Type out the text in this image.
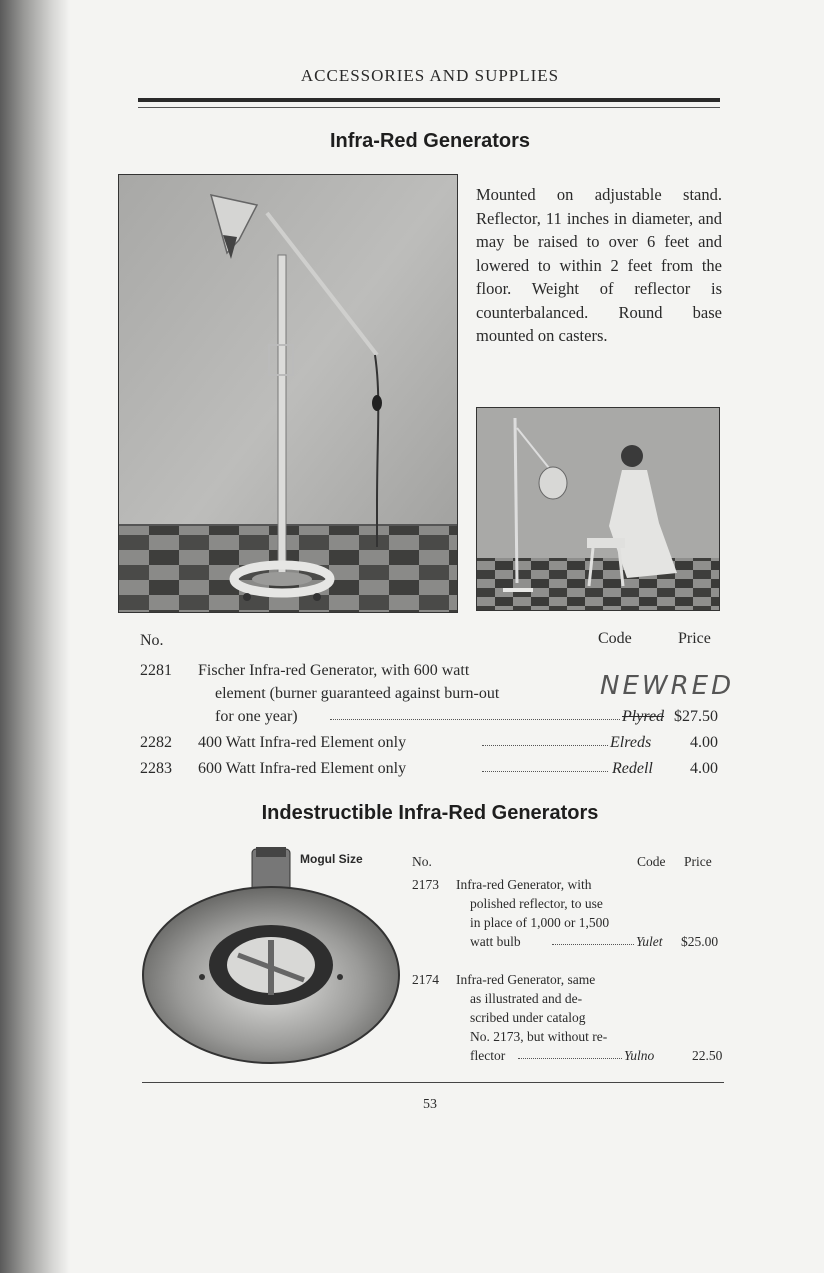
ACCESSORIES AND SUPPLIES
Infra-Red Generators
Mounted on adjustable stand. Reflector, 11 inches in diameter, and may be raised to over 6 feet and lowered to within 2 feet from the floor. Weight of reflector is counterbalanced. Round base mounted on casters.
No.	Code	Price
2281 Fischer Infra-red Generator, with 600 watt
element (burner guaranteed against burn-out
for one year)	Plyred $27.50
NEWRED
2282 400 Watt Infra-red Element only	Elreds 4.00
2283 600 Watt Infra-red Element only	Redell 4.00
Indestructible Infra-Red Generators
Mogul Size	No.	Code Price
2173 Infra-red Generator, with
polished reflector, to use
in place of 1,000 or 1,500
watt bulb	Yulet $25.00
2174 Infra-red Generator, same
as illustrated and de-
scribed under catalog
No. 2173, but without re-
flector	Yulno	22.50
53
